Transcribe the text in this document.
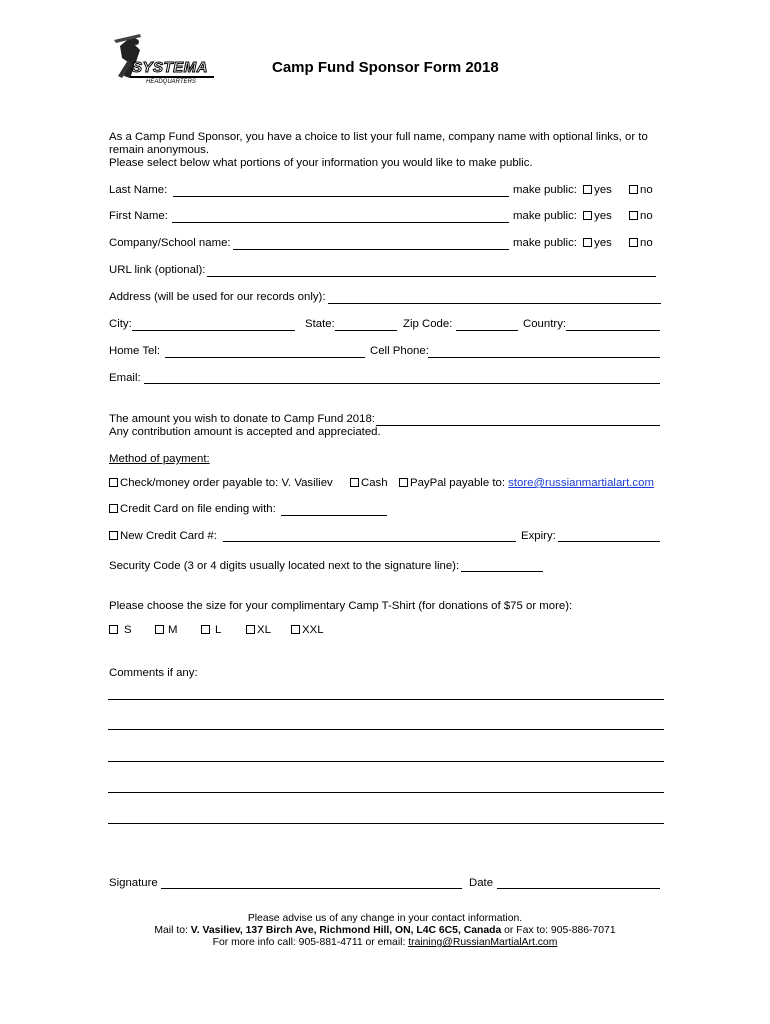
SYSTEMA
HEADQUARTERS
Camp Fund Sponsor Form 2018
As a Camp Fund Sponsor, you have a choice to list your full name, company name with optional links, or to
remain anonymous.
Please select below what portions of your information you would like to make public.
Last Name:	make public: yes	no
First Name:	make public: yes	no
Company/School name:	make public: yes	no
URL link (optional):
Address (will be used for our records only):
City:	State:	Zip Code:	Country:
Home Tel:	Cell Phone:
Email:
The amount you wish to donate to Camp Fund 2018:
Any contribution amount is accepted and appreciated.
Method of payment:
Check/money order payable to: V. Vasiliev	Cash	PayPal payable to: store@russianmartialart.com
Credit Card on file ending with:
New Credit Card #:	Expiry:
Security Code (3 or 4 digits usually located next to the signature line):
Please choose the size for your complimentary Camp T-Shirt (for donations of $75 or more):
S	M	L	XL	XXL
Comments if any:
Signature	Date
Please advise us of any change in your contact information.
Mail to: V. Vasiliev, 137 Birch Ave, Richmond Hill, ON, L4C 6C5, Canada or Fax to: 905-886-7071
For more info call: 905-881-4711 or email: training@RussianMartialArt.com
